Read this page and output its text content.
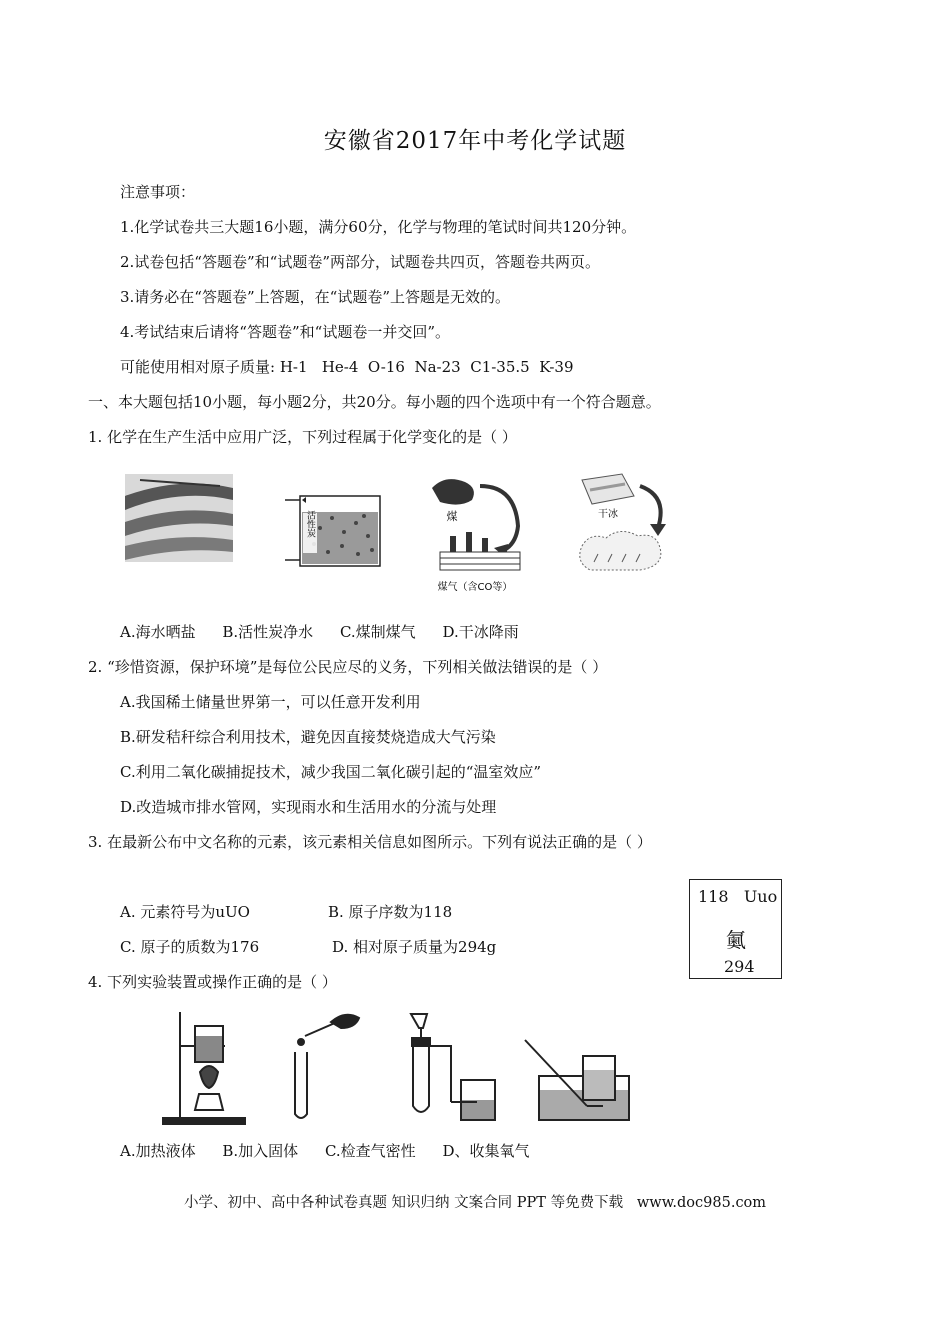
安徽省2017年中考化学试题
注意事项：
1.化学试卷共三大题16小题，满分60分，化学与物理的笔试时间共120分钟。
2.试卷包括“答题卷”和“试题卷”两部分，试题卷共四页，答题卷共两页。
3.请务必在“答题卷”上答题，在“试题卷”上答题是无效的。
4.考试结束后请将“答题卷”和“试题卷一并交回”。
可能使用相对原子质量: H-1   He-4  O-16  Na-23  C1-35.5  K-39
一、本大题包括10小题，每小题2分，共20分。每小题的四个选项中有一个符合题意。
1. 化学在生产生活中应用广泛，下列过程属于化学变化的是（ ）
活性炭	煤
煤气（含CO等）
干冰
A.海水晒盐 B.活性炭净水 C.煤制煤气 D.干冰降雨
2. “珍惜资源，保护环境”是每位公民应尽的义务，下列相关做法错误的是（ ）
A.我国稀土储量世界第一，可以任意开发利用
B.研发秸秆综合利用技术，避免因直接焚烧造成大气污染
C.利用二氧化碳捕捉技术，减少我国二氧化碳引起的“温室效应”
D.改造城市排水管网，实现雨水和生活用水的分流与处理
3. 在最新公布中文名称的元素，该元素相关信息如图所示。下列有说法正确的是（ ）
A. 元素符号为uUO	B. 原子序数为118
C. 原子的质数为176	D. 相对原子质量为294g
118 Uuo
鿫
294
4. 下列实验装置或操作正确的是（ ）
A.加热液体 B.加入固体 C.检查气密性 D、收集氧气
小学、初中、高中各种试卷真题 知识归纳 文案合同 PPT 等免费下载   www.doc985.com
